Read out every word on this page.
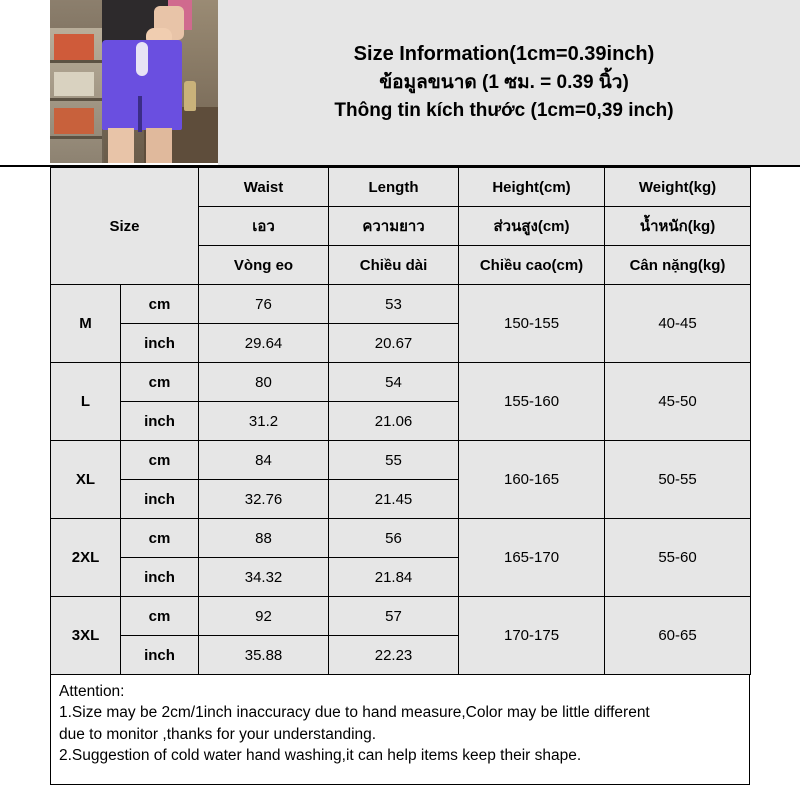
Size Information(1cm=0.39inch)
ข้อมูลขนาด (1 ซม. = 0.39 นิ้ว)
Thông tin kích thước (1cm=0,39 inch)
Size		Waist	Length	Height(cm)	Weight(kg)
		เอว	ความยาว	ส่วนสูง(cm)	น้ำหนัก(kg)
		Vòng eo	Chiều dài	Chiều cao(cm)	Cân nặng(kg)
M	cm	76	53	150-155	40-45
	inch	29.64	20.67		
L	cm	80	54	155-160	45-50
	inch	31.2	21.06		
XL	cm	84	55	160-165	50-55
	inch	32.76	21.45		
2XL	cm	88	56	165-170	55-60
	inch	34.32	21.84		
3XL	cm	92	57	170-175	60-65
	inch	35.88	22.23		
Attention:
1.Size may be 2cm/1inch inaccuracy due to hand measure,Color may be little different
due to monitor ,thanks for your understanding.
2.Suggestion of cold water hand washing,it can help items keep their shape.
